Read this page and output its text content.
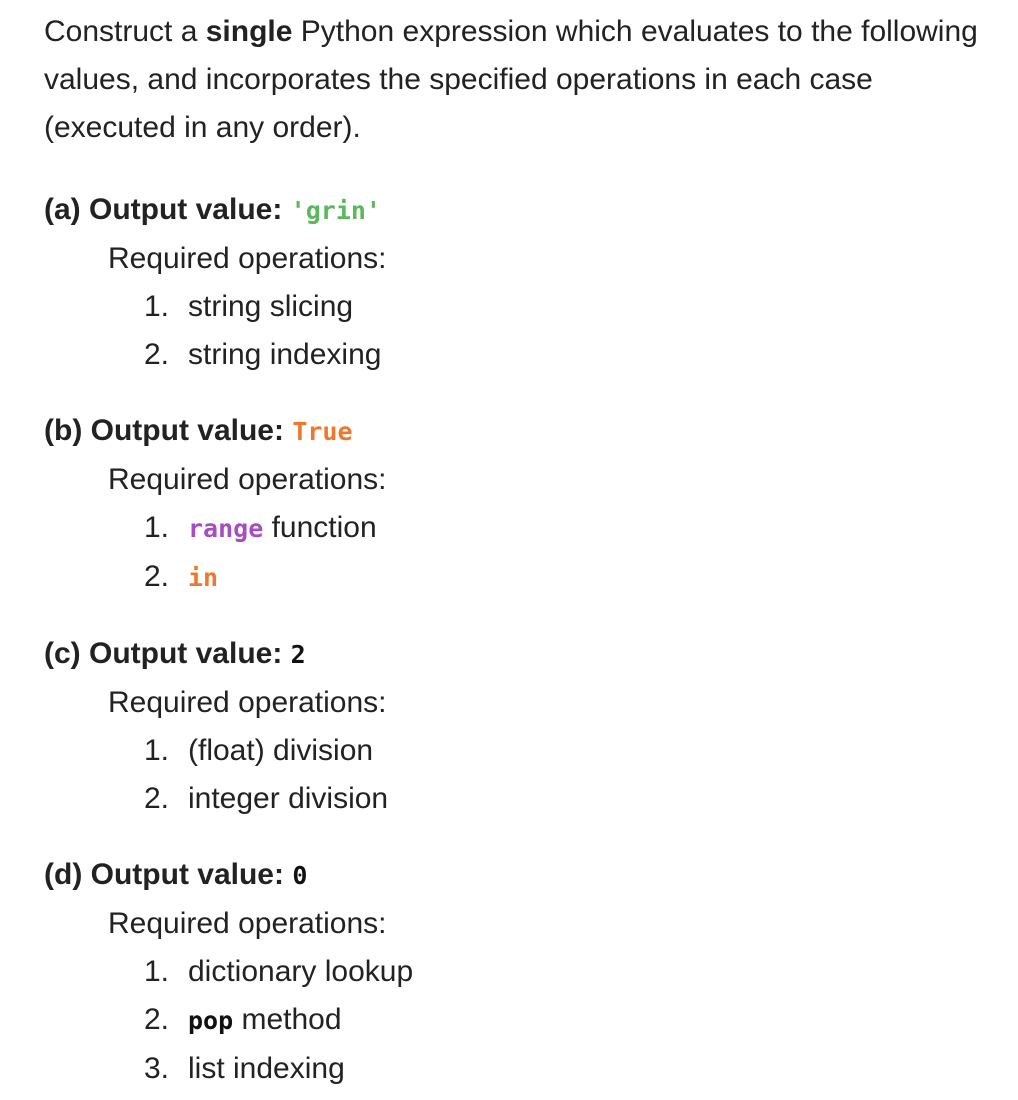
Construct a single Python expression which evaluates to the following values, and incorporates the specified operations in each case (executed in any order).

(a) Output value: 'grin'

Required operations:

1. string slicing
2. string indexing

(b) Output value: True

Required operations:

1. range function
2. in

(c) Output value: 2

Required operations:

1. (float) division
2. integer division

(d) Output value: 0

Required operations:

1. dictionary lookup
2. pop method
3. list indexing
